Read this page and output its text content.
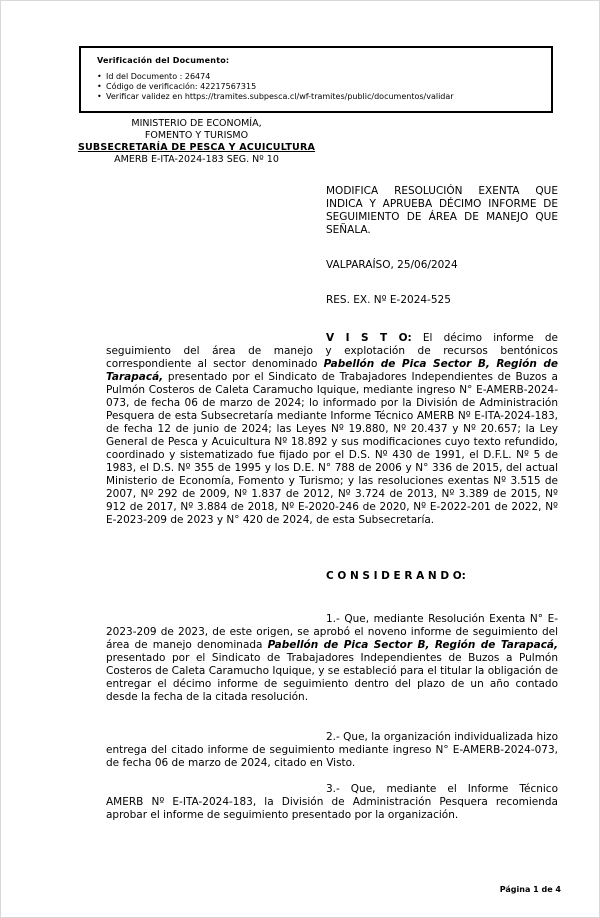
Verificación del Documento:
•
Id del Documento : 26474
•
Código de verificación: 42217567315
•
Verificar validez en https://tramites.subpesca.cl/wf-tramites/public/documentos/validar
MINISTERIO DE ECONOMÍA,
FOMENTO Y TURISMO
SUBSECRETARÍA DE PESCA Y ACUICULTURA
AMERB E-ITA-2024-183 SEG. Nº 10
MODIFICA RESOLUCIÓN EXENTA QUE INDICA Y APRUEBA DÉCIMO INFORME DE SEGUIMIENTO DE ÁREA DE MANEJO QUE SEÑALA.
VALPARAÍSO, 25/06/2024
RES. EX. Nº E-2024-525
V I S T O: El décimo informe de seguimiento del área de manejo y explotación de recursos bentónicos correspondiente al sector denominado Pabellón de Pica Sector B, Región de Tarapacá, presentado por el Sindicato de Trabajadores Independientes de Buzos a Pulmón Costeros de Caleta Caramucho Iquique, mediante ingreso N° E-AMERB-2024-073, de fecha 06 de marzo de 2024; lo informado por la División de Administración Pesquera de esta Subsecretaría mediante Informe Técnico AMERB Nº E-ITA-2024-183, de fecha 12 de junio de 2024; las Leyes Nº 19.880, Nº 20.437 y Nº 20.657; la Ley General de Pesca y Acuicultura Nº 18.892 y sus modificaciones cuyo texto refundido, coordinado y sistematizado fue fijado por el D.S. Nº 430 de 1991, el D.F.L. Nº 5 de 1983, el D.S. Nº 355 de 1995 y los D.E. N° 788 de 2006 y N° 336 de 2015, del actual Ministerio de Economía, Fomento y Turismo; y las resoluciones exentas Nº 3.515 de 2007, Nº 292 de 2009, Nº 1.837 de 2012, Nº 3.724 de 2013, Nº 3.389 de 2015, Nº 912 de 2017, Nº 3.884 de 2018, Nº E-2020-246 de 2020, Nº E-2022-201 de 2022, Nº E-2023-209 de 2023 y N° 420 de 2024, de esta Subsecretaría.
C O N S I D E R A N D O:
1.- Que, mediante Resolución Exenta N° E-2023-209 de 2023, de este origen, se aprobó el noveno informe de seguimiento del área de manejo denominada Pabellón de Pica Sector B, Región de Tarapacá, presentado por el Sindicato de Trabajadores Independientes de Buzos a Pulmón Costeros de Caleta Caramucho Iquique, y se estableció para el titular la obligación de entregar el décimo informe de seguimiento dentro del plazo de un año contado desde la fecha de la citada resolución.
2.- Que, la organización individualizada hizo entrega del citado informe de seguimiento mediante ingreso N° E-AMERB-2024-073, de fecha 06 de marzo de 2024, citado en Visto.
3.- Que, mediante el Informe Técnico AMERB Nº E-ITA-2024-183, la División de Administración Pesquera recomienda aprobar el informe de seguimiento presentado por la organización.
Página 1 de 4
